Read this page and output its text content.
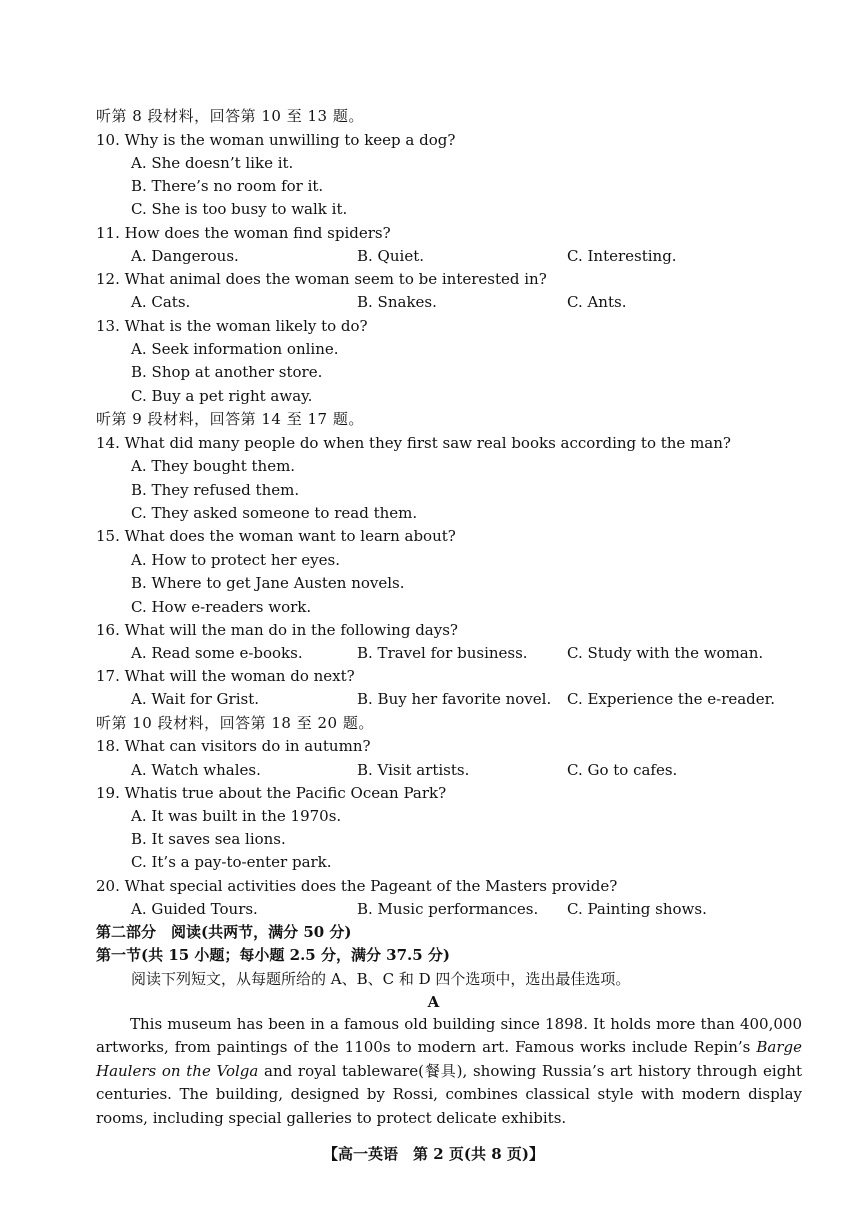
听第 8 段材料，回答第 10 至 13 题。
10. Why is the woman unwilling to keep a dog?
A. She doesn’t like it.
B. There’s no room for it.
C. She is too busy to walk it.
11. How does the woman find spiders?
A. Dangerous.	B. Quiet.	C. Interesting.
12. What animal does the woman seem to be interested in?
A. Cats.	B. Snakes.	C. Ants.
13. What is the woman likely to do?
A. Seek information online.
B. Shop at another store.
C. Buy a pet right away.
听第 9 段材料，回答第 14 至 17 题。
14. What did many people do when they first saw real books according to the man?
A. They bought them.
B. They refused them.
C. They asked someone to read them.
15. What does the woman want to learn about?
A. How to protect her eyes.
B. Where to get Jane Austen novels.
C. How e-readers work.
16. What will the man do in the following days?
A. Read some e-books.	B. Travel for business.	C. Study with the woman.
17. What will the woman do next?
A. Wait for Grist.	B. Buy her favorite novel. C. Experience the e-reader.
听第 10 段材料，回答第 18 至 20 题。
18. What can visitors do in autumn?
A. Watch whales.	B. Visit artists.	C. Go to cafes.
19. Whatis true about the Pacific Ocean Park?
A. It was built in the 1970s.
B. It saves sea lions.
C. It’s a pay-to-enter park.
20. What special activities does the Pageant of the Masters provide?
A. Guided Tours.	B. Music performances. C. Painting shows.
第二部分　阅读(共两节，满分 50 分)
第一节(共 15 小题；每小题 2.5 分，满分 37.5 分)
阅读下列短文，从每题所给的 A、B、C 和 D 四个选项中，选出最佳选项。
A
This museum has been in a famous old building since 1898. It holds more than 400,000 artworks, from paintings of the 1100s to modern art. Famous works include Repin’s Barge Haulers on the Volga and royal tableware(餐具), showing Russia’s art history through eight centuries. The building, designed by Rossi, combines classical style with modern display rooms, including special galleries to protect delicate exhibits.
【高一英语　第 2 页(共 8 页)】
